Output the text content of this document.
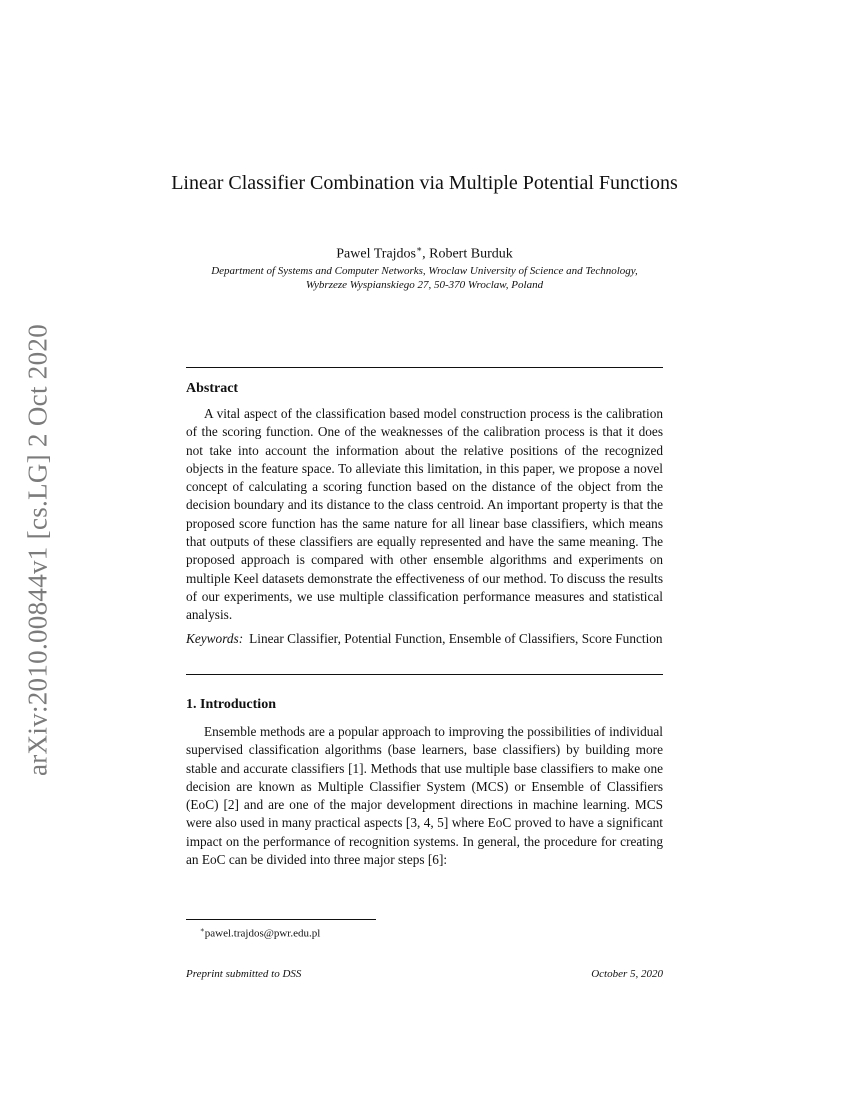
arXiv:2010.00844v1 [cs.LG] 2 Oct 2020
Linear Classifier Combination via Multiple Potential Functions
Pawel Trajdos∗, Robert Burduk
Department of Systems and Computer Networks, Wroclaw University of Science and Technology,
Wybrzeze Wyspianskiego 27, 50-370 Wroclaw, Poland
Abstract

A vital aspect of the classification based model construction process is the calibration of the scoring function. One of the weaknesses of the calibration process is that it does not take into account the information about the relative positions of the recognized objects in the feature space. To alleviate this limitation, in this paper, we propose a novel concept of calculating a scoring function based on the distance of the object from the decision boundary and its distance to the class centroid. An important property is that the proposed score function has the same nature for all linear base classifiers, which means that outputs of these classifiers are equally represented and have the same meaning. The proposed approach is compared with other ensemble algorithms and experiments on multiple Keel datasets demonstrate the effectiveness of our method. To discuss the results of our experiments, we use multiple classification performance measures and statistical analysis.

Keywords: Linear Classifier, Potential Function, Ensemble of Classifiers, Score Function

1. Introduction

Ensemble methods are a popular approach to improving the possibilities of individual supervised classification algorithms (base learners, base classifiers) by building more stable and accurate classifiers [1]. Methods that use multiple base classifiers to make one decision are known as Multiple Classifier System (MCS) or Ensemble of Classifiers (EoC) [2] and are one of the major development directions in machine learning. MCS were also used in many practical aspects [3, 4, 5] where EoC proved to have a significant impact on the performance of recognition systems. In general, the procedure for creating an EoC can be divided into three major steps [6]:

∗pawel.trajdos@pwr.edu.pl
Preprint submitted to DSS	October 5, 2020
